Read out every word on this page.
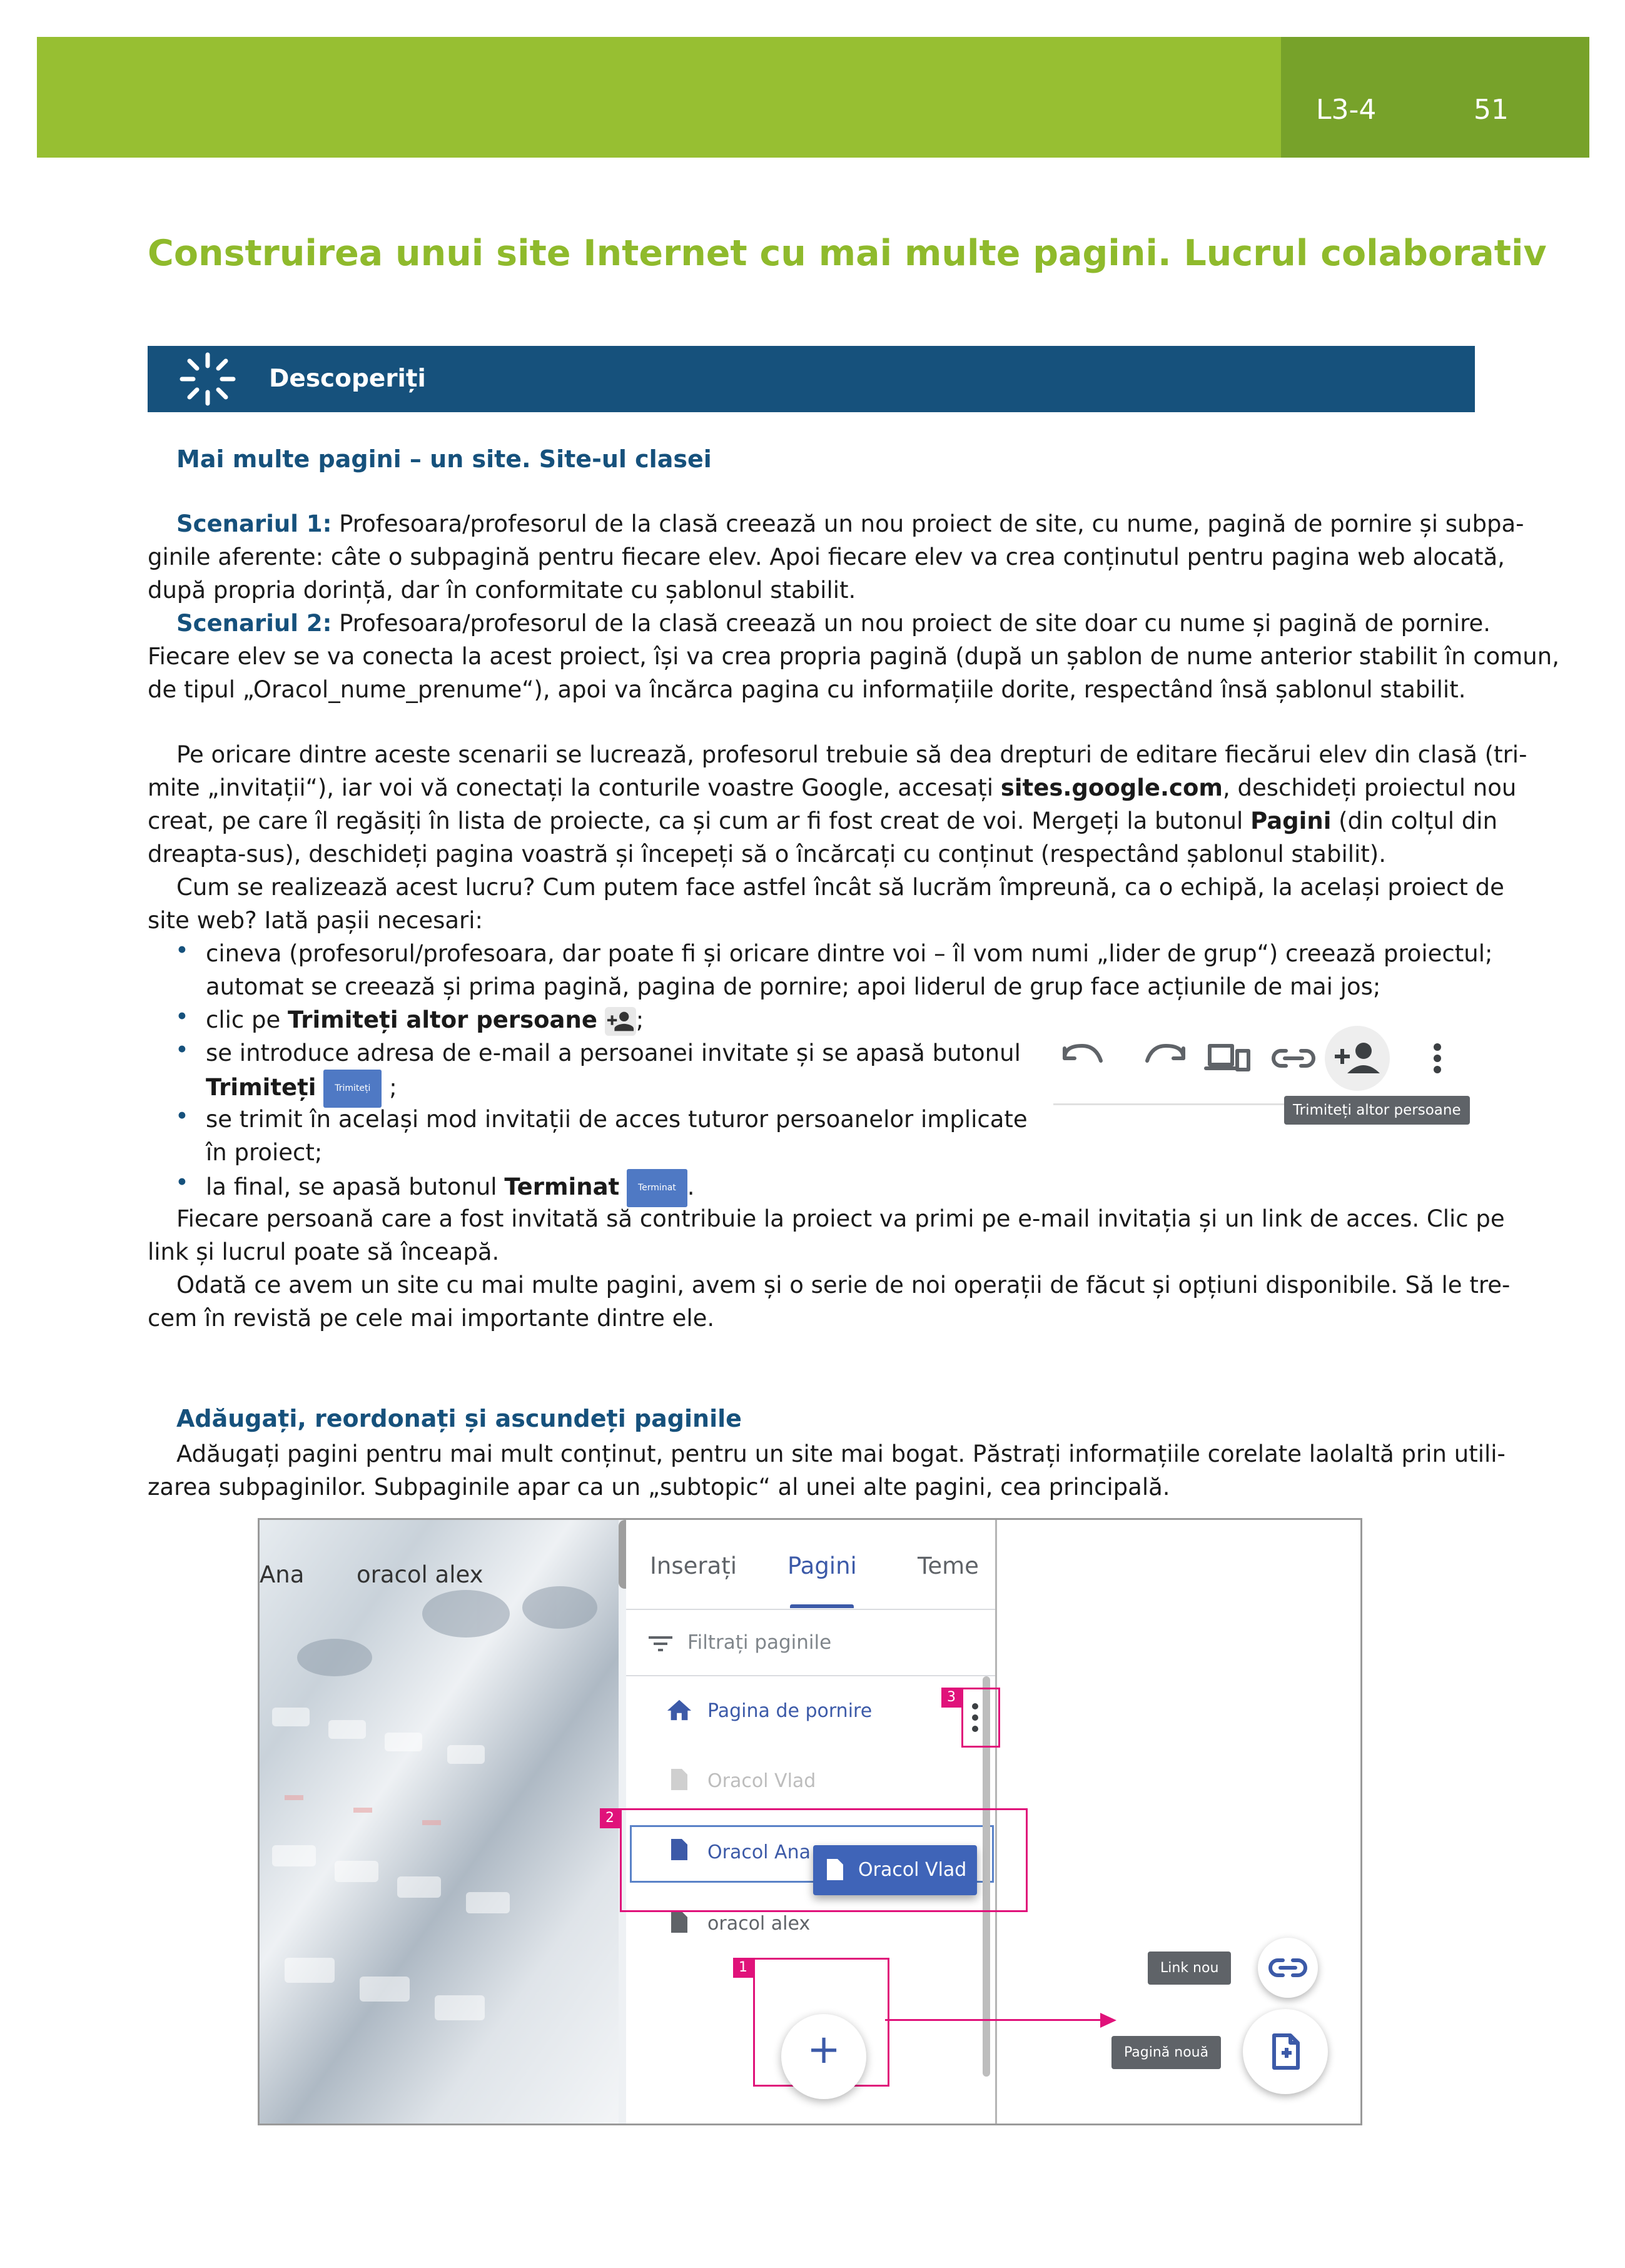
L3-4	51
Construirea unui site Internet cu mai multe pagini. Lucrul colaborativ
Descoperiți
Mai multe pagini – un site. Site-ul clasei
Scenariul 1: Profesoara/profesorul de la clasă creează un nou proiect de site, cu nume, pagină de pornire și subpa-
ginile aferente: câte o subpagină pentru fiecare elev. Apoi fiecare elev va crea conținutul pentru pagina web alocată,
după propria dorință, dar în conformitate cu șablonul stabilit.
Scenariul 2: Profesoara/profesorul de la clasă creează un nou proiect de site doar cu nume și pagină de pornire.
Fiecare elev se va conecta la acest proiect, își va crea propria pagină (după un șablon de nume anterior stabilit în comun,
de tipul „Oracol_nume_prenume“), apoi va încărca pagina cu informațiile dorite, respectând însă șablonul stabilit.
Pe oricare dintre aceste scenarii se lucrează, profesorul trebuie să dea drepturi de editare fiecărui elev din clasă (tri-
mite „invitații“), iar voi vă conectați la conturile voastre Google, accesați sites.google.com, deschideți proiectul nou
creat, pe care îl regăsiți în lista de proiecte, ca și cum ar fi fost creat de voi. Mergeți la butonul Pagini (din colțul din
dreapta-sus), deschideți pagina voastră și începeți să o încărcați cu conținut (respectând șablonul stabilit).
Cum se realizează acest lucru? Cum putem face astfel încât să lucrăm împreună, ca o echipă, la același proiect de
site web? Iată pașii necesari:
• cineva (profesorul/profesoara, dar poate fi și oricare dintre voi – îl vom numi „lider de grup“) creează proiectul;
automat se creează și prima pagină, pagina de pornire; apoi liderul de grup face acțiunile de mai jos;
• clic pe Trimiteți altor persoane ;
• se introduce adresa de e-mail a persoanei invitate și se apasă butonul
Trimiteți Trimiteți ;
• se trimit în același mod invitații de acces tuturor persoanelor implicate
în proiect;
• la final, se apasă butonul Terminat Terminat .
Trimiteți altor persoane
Fiecare persoană care a fost invitată să contribuie la proiect va primi pe e-mail invitația și un link de acces. Clic pe
link și lucrul poate să înceapă.
Odată ce avem un site cu mai multe pagini, avem și o serie de noi operații de făcut și opțiuni disponibile. Să le tre-
cem în revistă pe cele mai importante dintre ele.
Adăugați, reordonați și ascundeți paginile
Adăugați pagini pentru mai mult conținut, pentru un site mai bogat. Păstrați informațiile corelate laolaltă prin utili-
zarea subpaginilor. Subpaginile apar ca un „subtopic“ al unei alte pagini, cea principală.
Ana oracol alex	Inserați Pagini	Teme
Filtrați paginile
Pagina de pornire
Oracol Vlad
Oracol Ana
oracol alex
3
2
1
Oracol Vlad
+
Link nou
Pagină nouă
